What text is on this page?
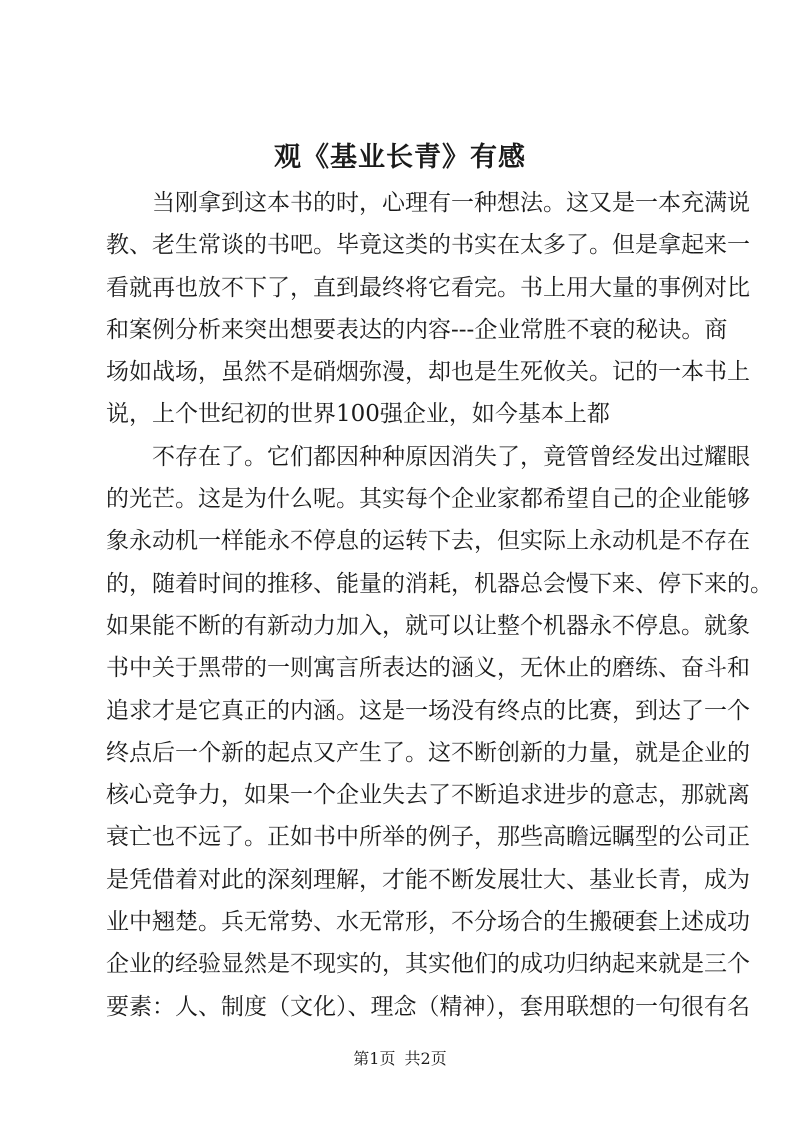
观《基业长青》有感
当刚拿到这本书的时，心理有一种想法。这又是一本充满说
教、老生常谈的书吧。毕竟这类的书实在太多了。但是拿起来一
看就再也放不下了，直到最终将它看完。书上用大量的事例对比
和案例分析来突出想要表达的内容---企业常胜不衰的秘诀。商
场如战场，虽然不是硝烟弥漫，却也是生死攸关。记的一本书上
说，上个世纪初的世界100强企业，如今基本上都
不存在了。它们都因种种原因消失了，竟管曾经发出过耀眼
的光芒。这是为什么呢。其实每个企业家都希望自己的企业能够
象永动机一样能永不停息的运转下去，但实际上永动机是不存在
的，随着时间的推移、能量的消耗，机器总会慢下来、停下来的。
如果能不断的有新动力加入，就可以让整个机器永不停息。就象
书中关于黑带的一则寓言所表达的涵义，无休止的磨练、奋斗和
追求才是它真正的内涵。这是一场没有终点的比赛，到达了一个
终点后一个新的起点又产生了。这不断创新的力量，就是企业的
核心竞争力，如果一个企业失去了不断追求进步的意志，那就离
衰亡也不远了。正如书中所举的例子，那些高瞻远瞩型的公司正
是凭借着对此的深刻理解，才能不断发展壮大、基业长青，成为
业中翘楚。兵无常势、水无常形，不分场合的生搬硬套上述成功
企业的经验显然是不现实的，其实他们的成功归纳起来就是三个
要素：人、制度（文化）、理念（精神），套用联想的一句很有名
第1页 共2页
